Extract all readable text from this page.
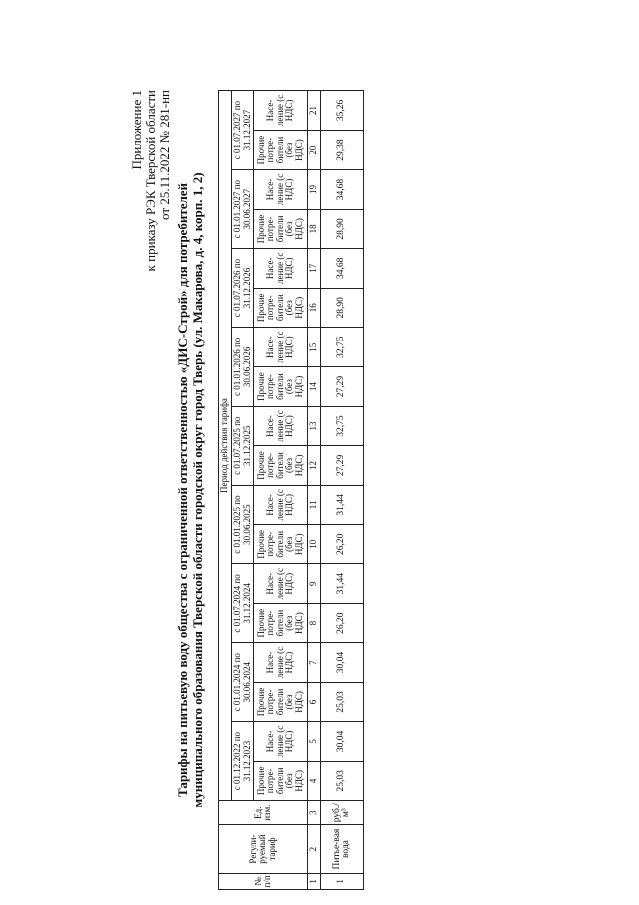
Приложение 1 к приказу РЭК Тверской области от 25.11.2022 № 281-нп
Тарифы на питьевую воду общества с ограниченной ответственностью «ДИС-Строй» для потребителей муниципального образования Тверской области городской округ город Тверь (ул. Макарова, д. 4, корп. 1, 2)
№ п/п	Регули-руемый тариф	Ед. изм.	Период действия тарифа																	
			с 01.12.2022 по 31.12.2023		с 01.01.2024 по 30.06.2024		с 01.07.2024 по 31.12.2024		с 01.01.2025 по 30.06.2025		с 01.07.2025 по 31.12.2025		с 01.01.2026 по 30.06.2026		с 01.07.2026 по 31.12.2026		с 01.01.2027 по 30.06.2027		с 01.07.2027 по 31.12.2027	
			Прочие потре-бители (без НДС)	Насе-ление (с НДС)	Прочие потре-бители (без НДС)	Насе-ление (с НДС)	Прочие потре-бители (без НДС)	Насе-ление (с НДС)	Прочие потре-бители (без НДС)	Насе-ление (с НДС)	Прочие потре-бители (без НДС)	Насе-ление (с НДС)	Прочие потре-бители (без НДС)	Насе-ление (с НДС)	Прочие потре-бители (без НДС)	Насе-ление (с НДС)	Прочие потре-бители (без НДС)	Насе-ление (с НДС)	Прочие потре-бители (без НДС)	Насе-ление (с НДС)
1	2	3	4	5	6	7	8	9	10	11	12	13	14	15	16	17	18	19	20	21
1	Питье-вая вода	руб./м³	25,03	30,04	25,03	30,04	26,20	31,44	26,20	31,44	27,29	32,75	27,29	32,75	28,90	34,68	28,90	34,68	29,38	35,26
